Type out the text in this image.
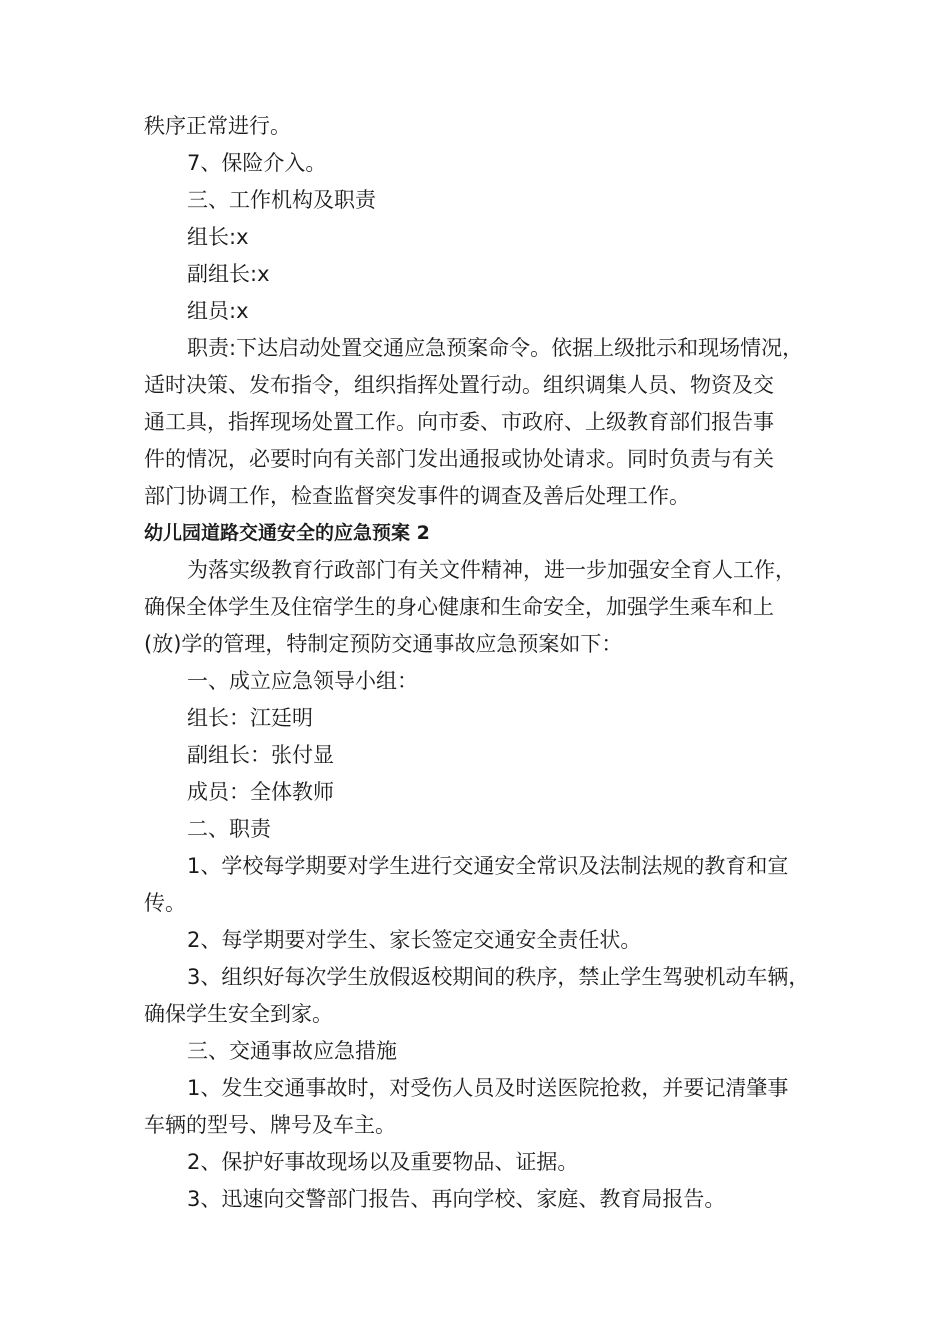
秩序正常进行。
7、保险介入。
三、工作机构及职责
组长:x
副组长:x
组员:x
职责:下达启动处置交通应急预案命令。依据上级批示和现场情况，
适时决策、发布指令，组织指挥处置行动。组织调集人员、物资及交
通工具，指挥现场处置工作。向市委、市政府、上级教育部们报告事
件的情况，必要时向有关部门发出通报或协处请求。同时负责与有关
部门协调工作，检查监督突发事件的调查及善后处理工作。
幼儿园道路交通安全的应急预案 2
为落实级教育行政部门有关文件精神，进一步加强安全育人工作，
确保全体学生及住宿学生的身心健康和生命安全，加强学生乘车和上
(放)学的管理，特制定预防交通事故应急预案如下：
一、成立应急领导小组：
组长：江廷明
副组长：张付显
成员：全体教师
二、职责
1、学校每学期要对学生进行交通安全常识及法制法规的教育和宣
传。
2、每学期要对学生、家长签定交通安全责任状。
3、组织好每次学生放假返校期间的秩序，禁止学生驾驶机动车辆，
确保学生安全到家。
三、交通事故应急措施
1、发生交通事故时，对受伤人员及时送医院抢救，并要记清肇事
车辆的型号、牌号及车主。
2、保护好事故现场以及重要物品、证据。
3、迅速向交警部门报告、再向学校、家庭、教育局报告。
